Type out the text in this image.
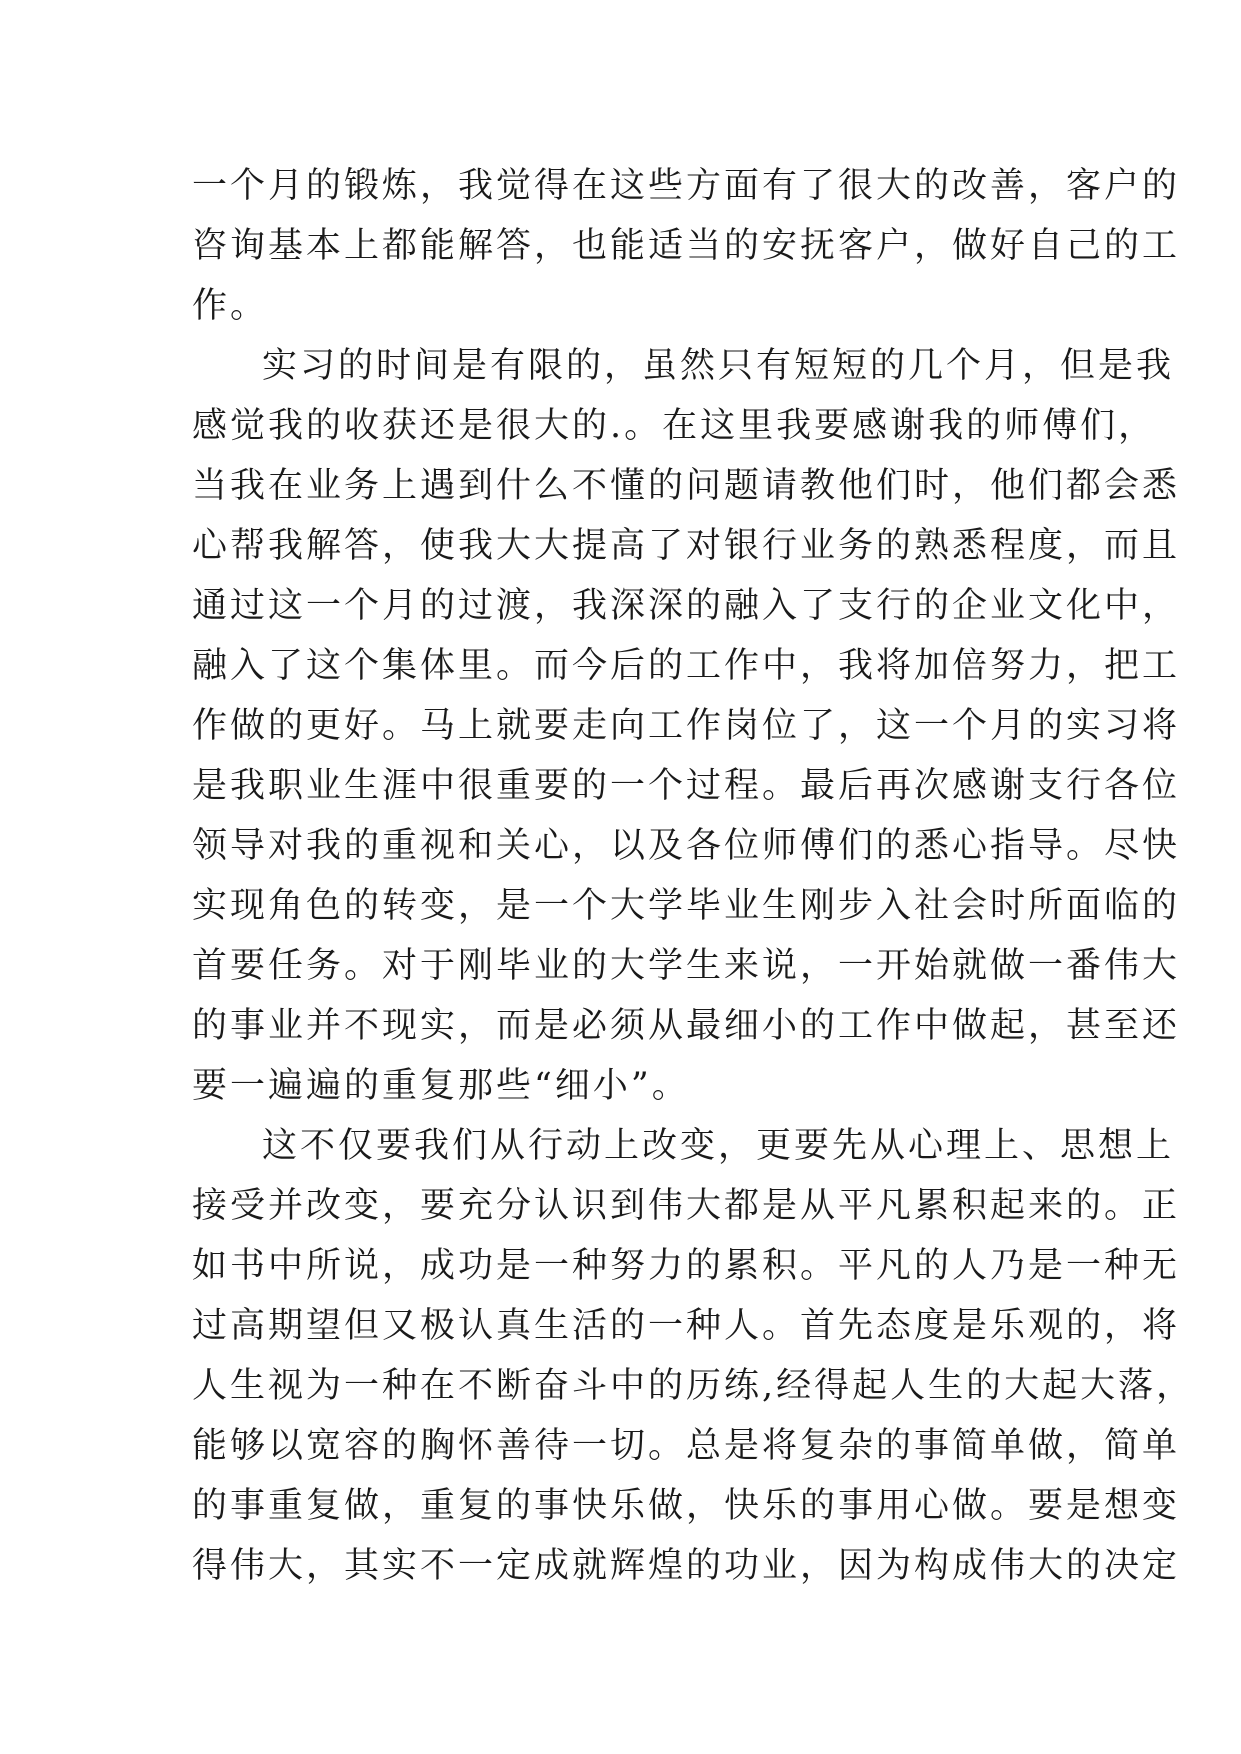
一个月的锻炼，我觉得在这些方面有了很大的改善，客户的
咨询基本上都能解答，也能适当的安抚客户，做好自己的工
作。
实习的时间是有限的，虽然只有短短的几个月，但是我
感觉我的收获还是很大的.。在这里我要感谢我的师傅们，
当我在业务上遇到什么不懂的问题请教他们时，他们都会悉
心帮我解答，使我大大提高了对银行业务的熟悉程度，而且
通过这一个月的过渡，我深深的融入了支行的企业文化中，
融入了这个集体里。而今后的工作中，我将加倍努力，把工
作做的更好。马上就要走向工作岗位了，这一个月的实习将
是我职业生涯中很重要的一个过程。最后再次感谢支行各位
领导对我的重视和关心，以及各位师傅们的悉心指导。尽快
实现角色的转变，是一个大学毕业生刚步入社会时所面临的
首要任务。对于刚毕业的大学生来说，一开始就做一番伟大
的事业并不现实，而是必须从最细小的工作中做起，甚至还
要一遍遍的重复那些“细小”。
这不仅要我们从行动上改变，更要先从心理上、思想上
接受并改变，要充分认识到伟大都是从平凡累积起来的。正
如书中所说，成功是一种努力的累积。平凡的人乃是一种无
过高期望但又极认真生活的一种人。首先态度是乐观的，将
人生视为一种在不断奋斗中的历练,经得起人生的大起大落，
能够以宽容的胸怀善待一切。总是将复杂的事简单做，简单
的事重复做，重复的事快乐做，快乐的事用心做。要是想变
得伟大，其实不一定成就辉煌的功业，因为构成伟大的决定
